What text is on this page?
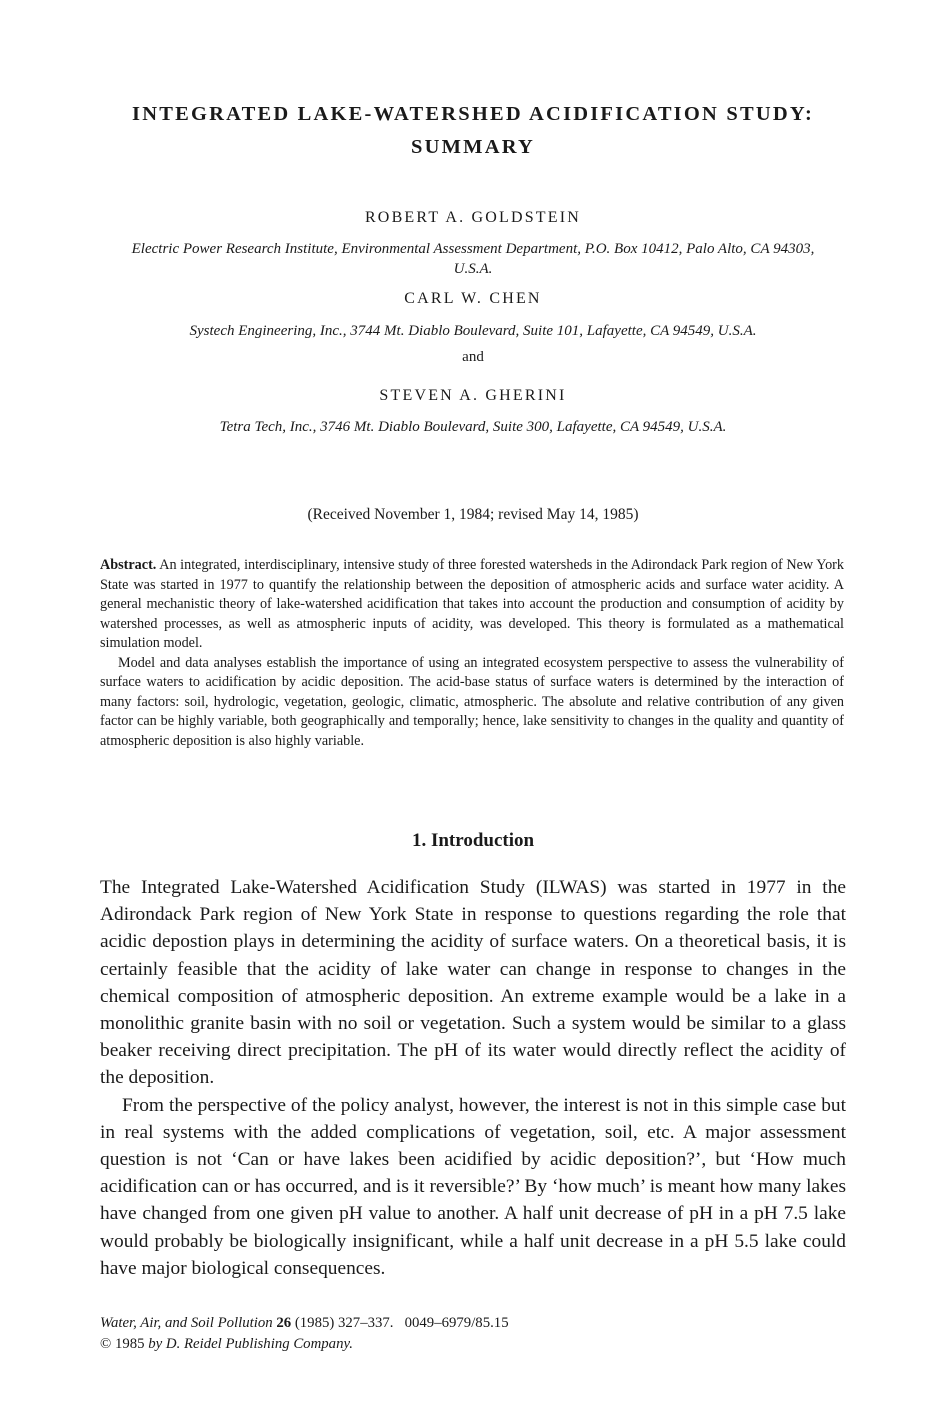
INTEGRATED LAKE-WATERSHED ACIDIFICATION STUDY:
SUMMARY
ROBERT A. GOLDSTEIN
Electric Power Research Institute, Environmental Assessment Department, P.O. Box 10412, Palo Alto, CA 94303,
U.S.A.
CARL W. CHEN
Systech Engineering, Inc., 3744 Mt. Diablo Boulevard, Suite 101, Lafayette, CA 94549, U.S.A.
and
STEVEN A. GHERINI
Tetra Tech, Inc., 3746 Mt. Diablo Boulevard, Suite 300, Lafayette, CA 94549, U.S.A.
(Received November 1, 1984; revised May 14, 1985)

Abstract. An integrated, interdisciplinary, intensive study of three forested watersheds in the Adirondack Park region of New York State was started in 1977 to quantify the relationship between the deposition of atmospheric acids and surface water acidity. A general mechanistic theory of lake-watershed acidification that takes into account the production and consumption of acidity by watershed processes, as well as atmospheric inputs of acidity, was developed. This theory is formulated as a mathematical simulation model.

Model and data analyses establish the importance of using an integrated ecosystem perspective to assess the vulnerability of surface waters to acidification by acidic deposition. The acid-base status of surface waters is determined by the interaction of many factors: soil, hydrologic, vegetation, geologic, climatic, atmospheric. The absolute and relative contribution of any given factor can be highly variable, both geographically and temporally; hence, lake sensitivity to changes in the quality and quantity of atmospheric deposition is also highly variable.

1. Introduction

The Integrated Lake-Watershed Acidification Study (ILWAS) was started in 1977 in the Adirondack Park region of New York State in response to questions regarding the role that acidic depostion plays in determining the acidity of surface waters. On a theoretical basis, it is certainly feasible that the acidity of lake water can change in response to changes in the chemical composition of atmospheric deposition. An extreme example would be a lake in a monolithic granite basin with no soil or vegetation. Such a system would be similar to a glass beaker receiving direct precipitation. The pH of its water would directly reflect the acidity of the deposition.

From the perspective of the policy analyst, however, the interest is not in this simple case but in real systems with the added complications of vegetation, soil, etc. A major assessment question is not ‘Can or have lakes been acidified by acidic deposition?’, but ‘How much acidification can or has occurred, and is it reversible?’ By ‘how much’ is meant how many lakes have changed from one given pH value to another. A half unit decrease of pH in a pH 7.5 lake would probably be biologically insignificant, while a half unit decrease in a pH 5.5 lake could have major biological consequences.

Water, Air, and Soil Pollution 26 (1985) 327–337. 0049–6979/85.15
© 1985 by D. Reidel Publishing Company.
